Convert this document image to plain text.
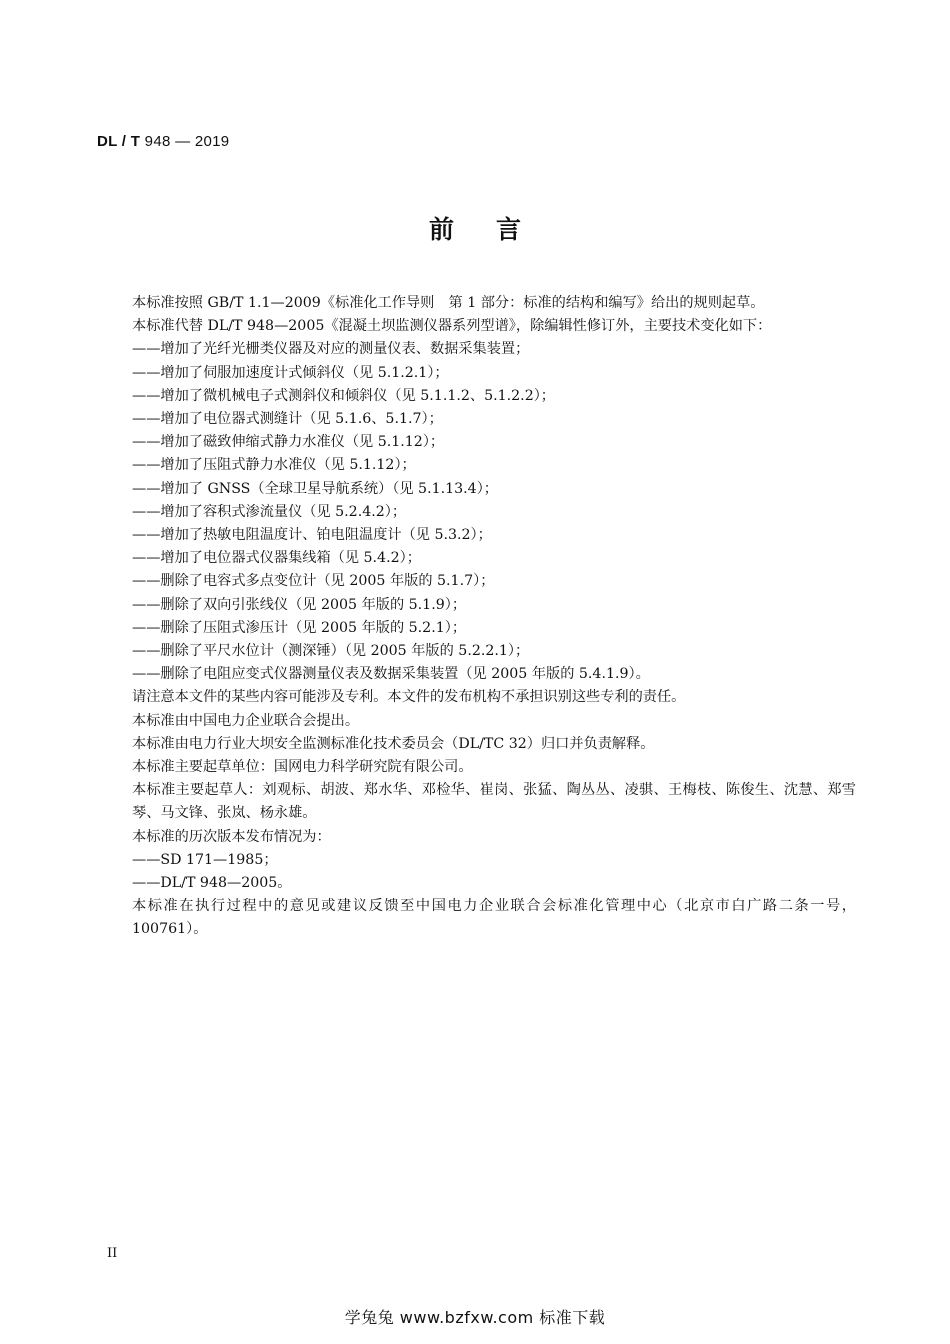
DL / T 948 — 2019
前言

本标准按照 GB/T 1.1—2009《标准化工作导则　第 1 部分：标准的结构和编写》给出的规则起草。

本标准代替 DL/T 948—2005《混凝土坝监测仪器系列型谱》，除编辑性修订外，主要技术变化如下：

——增加了光纤光栅类仪器及对应的测量仪表、数据采集装置；

——增加了伺服加速度计式倾斜仪（见 5.1.2.1）；

——增加了微机械电子式测斜仪和倾斜仪（见 5.1.1.2、5.1.2.2）；

——增加了电位器式测缝计（见 5.1.6、5.1.7）；

——增加了磁致伸缩式静力水准仪（见 5.1.12）；

——增加了压阻式静力水准仪（见 5.1.12）；

——增加了 GNSS（全球卫星导航系统）（见 5.1.13.4）；

——增加了容积式渗流量仪（见 5.2.4.2）；

——增加了热敏电阻温度计、铂电阻温度计（见 5.3.2）；

——增加了电位器式仪器集线箱（见 5.4.2）；

——删除了电容式多点变位计（见 2005 年版的 5.1.7）；

——删除了双向引张线仪（见 2005 年版的 5.1.9）；

——删除了压阻式渗压计（见 2005 年版的 5.2.1）；

——删除了平尺水位计（测深锤）（见 2005 年版的 5.2.2.1）；

——删除了电阻应变式仪器测量仪表及数据采集装置（见 2005 年版的 5.4.1.9）。

请注意本文件的某些内容可能涉及专利。本文件的发布机构不承担识别这些专利的责任。

本标准由中国电力企业联合会提出。

本标准由电力行业大坝安全监测标准化技术委员会（DL/TC 32）归口并负责解释。

本标准主要起草单位：国网电力科学研究院有限公司。

本标准主要起草人：刘观标、胡波、郑水华、邓检华、崔岗、张猛、陶丛丛、凌骐、王梅枝、陈俊生、沈慧、郑雪琴、马文锋、张岚、杨永雄。

本标准的历次版本发布情况为：

——SD 171—1985；

——DL/T 948—2005。

本标准在执行过程中的意见或建议反馈至中国电力企业联合会标准化管理中心（北京市白广路二条一号，100761）。

II
学兔兔 www.bzfxw.com 标准下载
